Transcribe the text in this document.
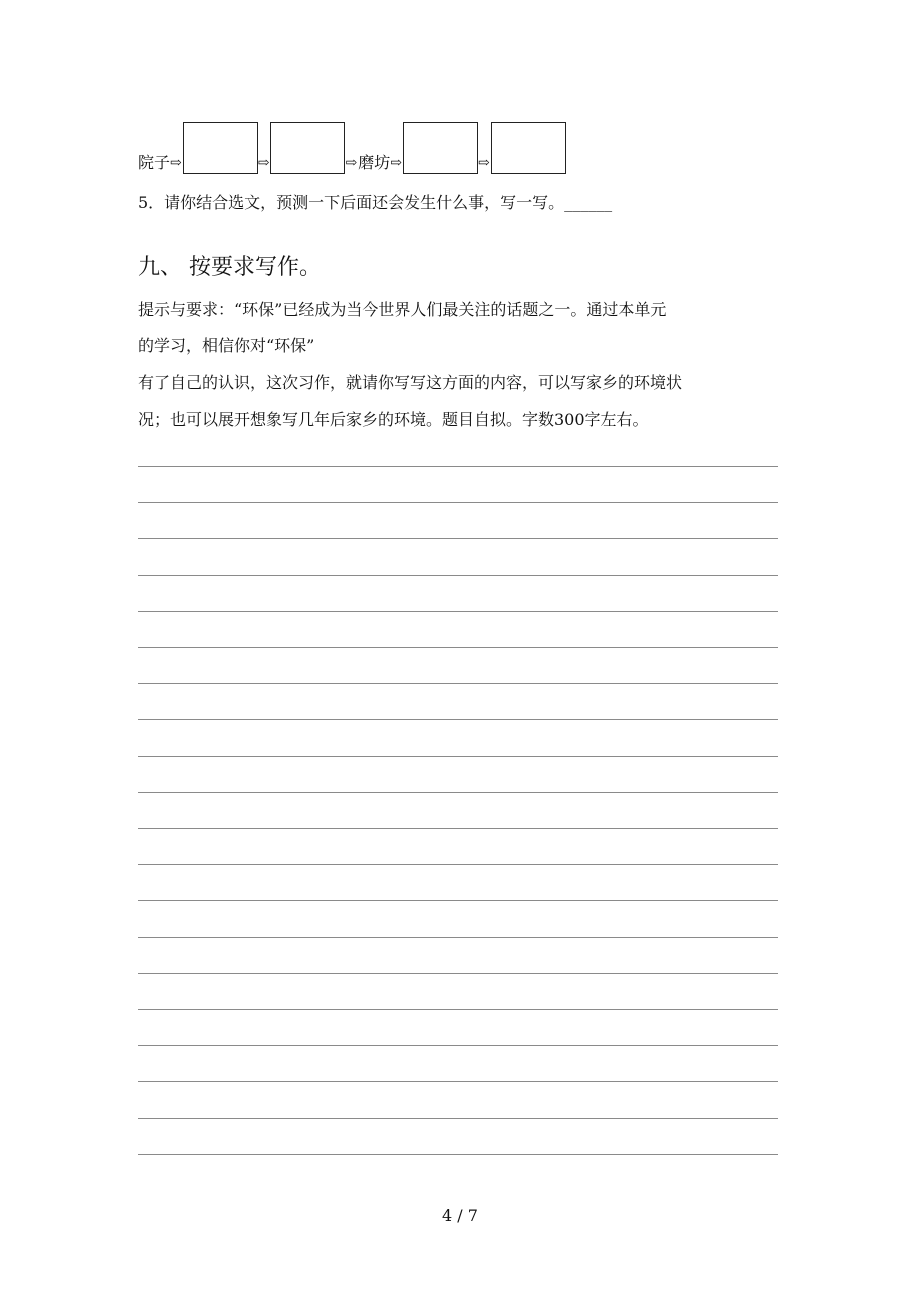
院子 ⇨	⇨	⇨ 磨坊 ⇨	⇨
5．请你结合选文，预测一下后面还会发生什么事，写一写。______
九、 按要求写作。
提示与要求：“环保”已经成为当今世界人们最关注的话题之一。通过本单元
的学习，相信你对“环保”
有了自己的认识，这次习作，就请你写写这方面的内容，可以写家乡的环境状
况；也可以展开想象写几年后家乡的环境。题目自拟。字数300字左右。
4 / 7
